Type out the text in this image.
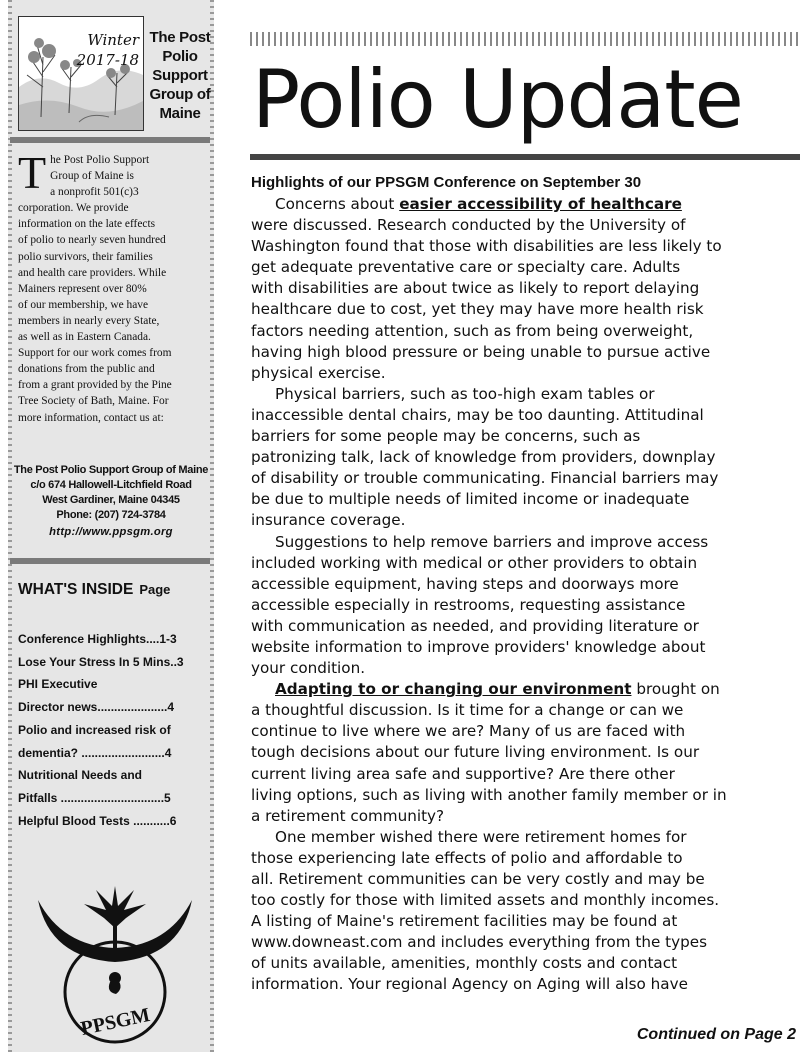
Winter
2017-18
The Post
Polio
Support
Group of
Maine
T he Post Polio Support
Group of Maine is
a nonprofit 501(c)3
corporation. We provide
information on the late effects
of polio to nearly seven hundred
polio survivors, their families
and health care providers. While
Mainers represent over 80%
of our membership, we have
members in nearly every State,
as well as in Eastern Canada.
Support for our work comes from
donations from the public and
from a grant provided by the Pine
Tree Society of Bath, Maine. For
more information, contact us at:
The Post Polio Support Group of Maine
c/o 674 Hallowell-Litchfield Road
West Gardiner, Maine 04345
Phone: (207) 724-3784
http://www.ppsgm.org
WHAT'S INSIDE Page
Conference Highlights....1-3
Lose Your Stress In 5 Mins..3
PHI Executive
Director news.....................4
Polio and increased risk of
dementia? .........................4
Nutritional Needs and
Pitfalls ...............................5
Helpful Blood Tests ...........6
PPSGM
Polio Update
Highlights of our PPSGM Conference on September 30
Concerns about easier accessibility of healthcare
were discussed. Research conducted by the University of
Washington found that those with disabilities are less likely to
get adequate preventative care or specialty care. Adults
with disabilities are about twice as likely to report delaying
healthcare due to cost, yet they may have more health risk
factors needing attention, such as from being overweight,
having high blood pressure or being unable to pursue active
physical exercise.
Physical barriers, such as too-high exam tables or
inaccessible dental chairs, may be too daunting. Attitudinal
barriers for some people may be concerns, such as
patronizing talk, lack of knowledge from providers, downplay
of disability or trouble communicating. Financial barriers may
be due to multiple needs of limited income or inadequate
insurance coverage.
Suggestions to help remove barriers and improve access
included working with medical or other providers to obtain
accessible equipment, having steps and doorways more
accessible especially in restrooms, requesting assistance
with communication as needed, and providing literature or
website information to improve providers' knowledge about
your condition.
Adapting to or changing our environment brought on
a thoughtful discussion. Is it time for a change or can we
continue to live where we are? Many of us are faced with
tough decisions about our future living environment. Is our
current living area safe and supportive? Are there other
living options, such as living with another family member or in
a retirement community?
One member wished there were retirement homes for
those experiencing late effects of polio and affordable to
all. Retirement communities can be very costly and may be
too costly for those with limited assets and monthly incomes.
A listing of Maine's retirement facilities may be found at
www.downeast.com and includes everything from the types
of units available, amenities, monthly costs and contact
information. Your regional Agency on Aging will also have
Continued on Page 2
